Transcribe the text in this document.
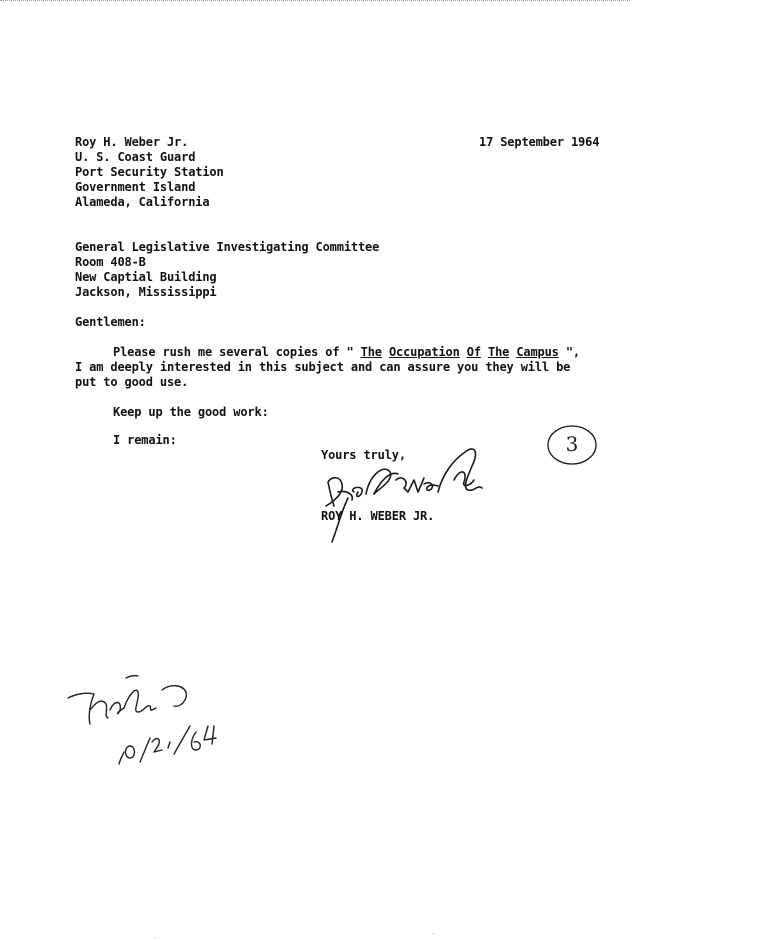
Roy H. Weber Jr.
U. S. Coast Guard
Port Security Station
Government Island
Alameda, California
17 September 1964
General Legislative Investigating Committee
Room 408-B
New Captial Building
Jackson, Mississippi
Gentlemen:
Please rush me several copies of " The Occupation Of The Campus ",
I am deeply interested in this subject and can assure you they will be
put to good use.
Keep up the good work:
I remain:
Yours truly,
ROY H. WEBER JR.
3
